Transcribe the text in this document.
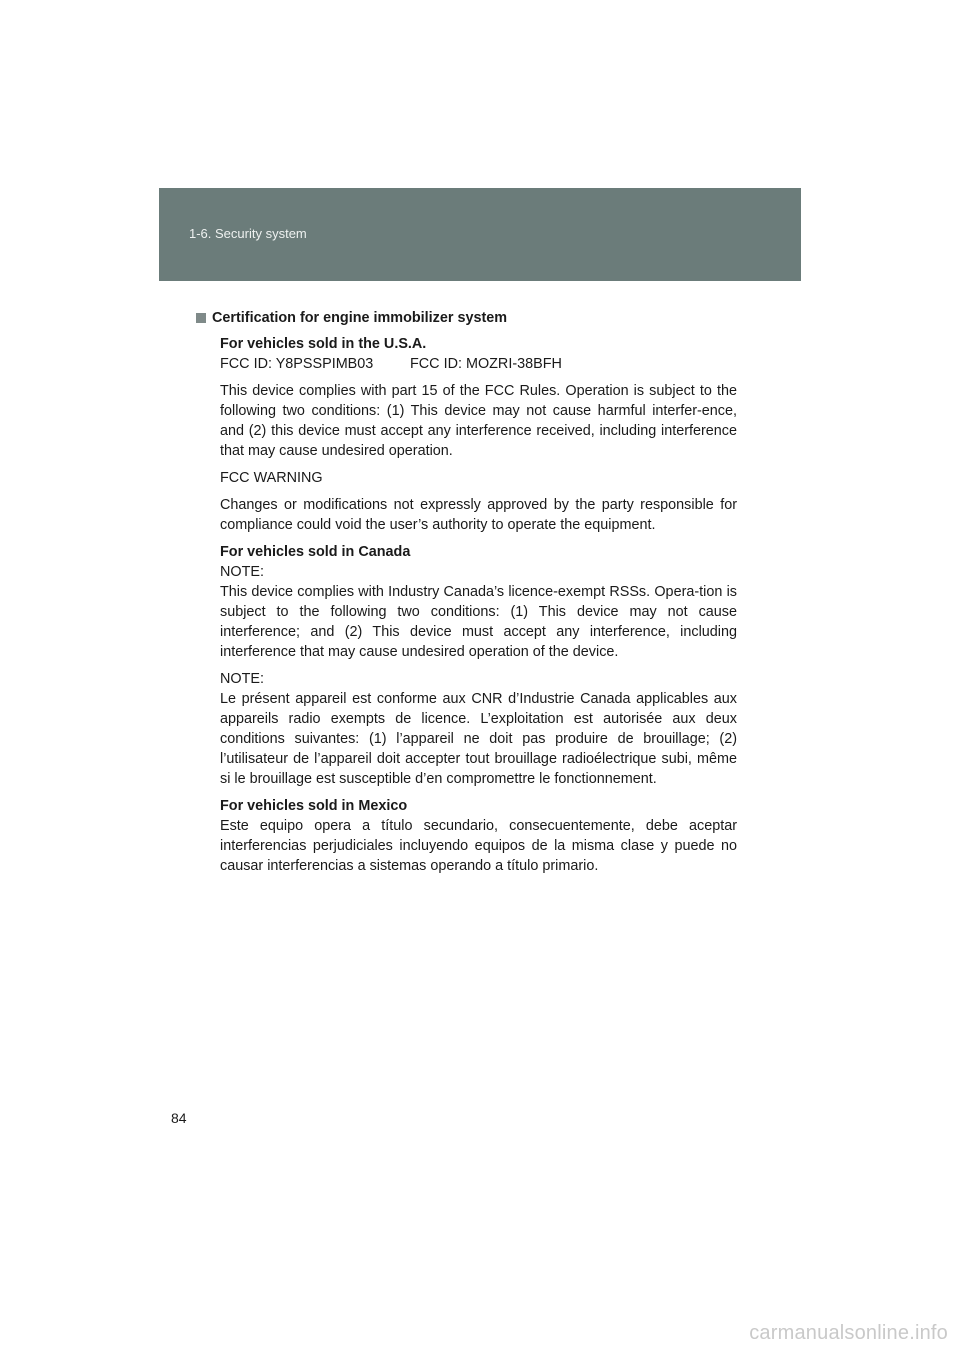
1-6. Security system
Certification for engine immobilizer system
For vehicles sold in the U.S.A.
FCC ID: Y8PSSPIMB03	FCC ID: MOZRI-38BFH
This device complies with part 15 of the FCC Rules. Operation is subject to the following two conditions: (1) This device may not cause harmful interfer-ence, and (2) this device must accept any interference received, including interference that may cause undesired operation.
FCC WARNING
Changes or modifications not expressly approved by the party responsible for compliance could void the user’s authority to operate the equipment.
For vehicles sold in Canada
NOTE:
This device complies with Industry Canada’s licence-exempt RSSs. Opera-tion is subject to the following two conditions: (1) This device may not cause interference; and (2) This device must accept any interference, including interference that may cause undesired operation of the device.
NOTE:
Le présent appareil est conforme aux CNR d’Industrie Canada applicables aux appareils radio exempts de licence. L’exploitation est autorisée aux deux conditions suivantes: (1) l’appareil ne doit pas produire de brouillage; (2) l’utilisateur de l’appareil doit accepter tout brouillage radioélectrique subi, même si le brouillage est susceptible d’en compromettre le fonctionnement.
For vehicles sold in Mexico
Este equipo opera a título secundario, consecuentemente, debe aceptar interferencias perjudiciales incluyendo equipos de la misma clase y puede no causar interferencias a sistemas operando a título primario.
84
carmanualsonline.info
